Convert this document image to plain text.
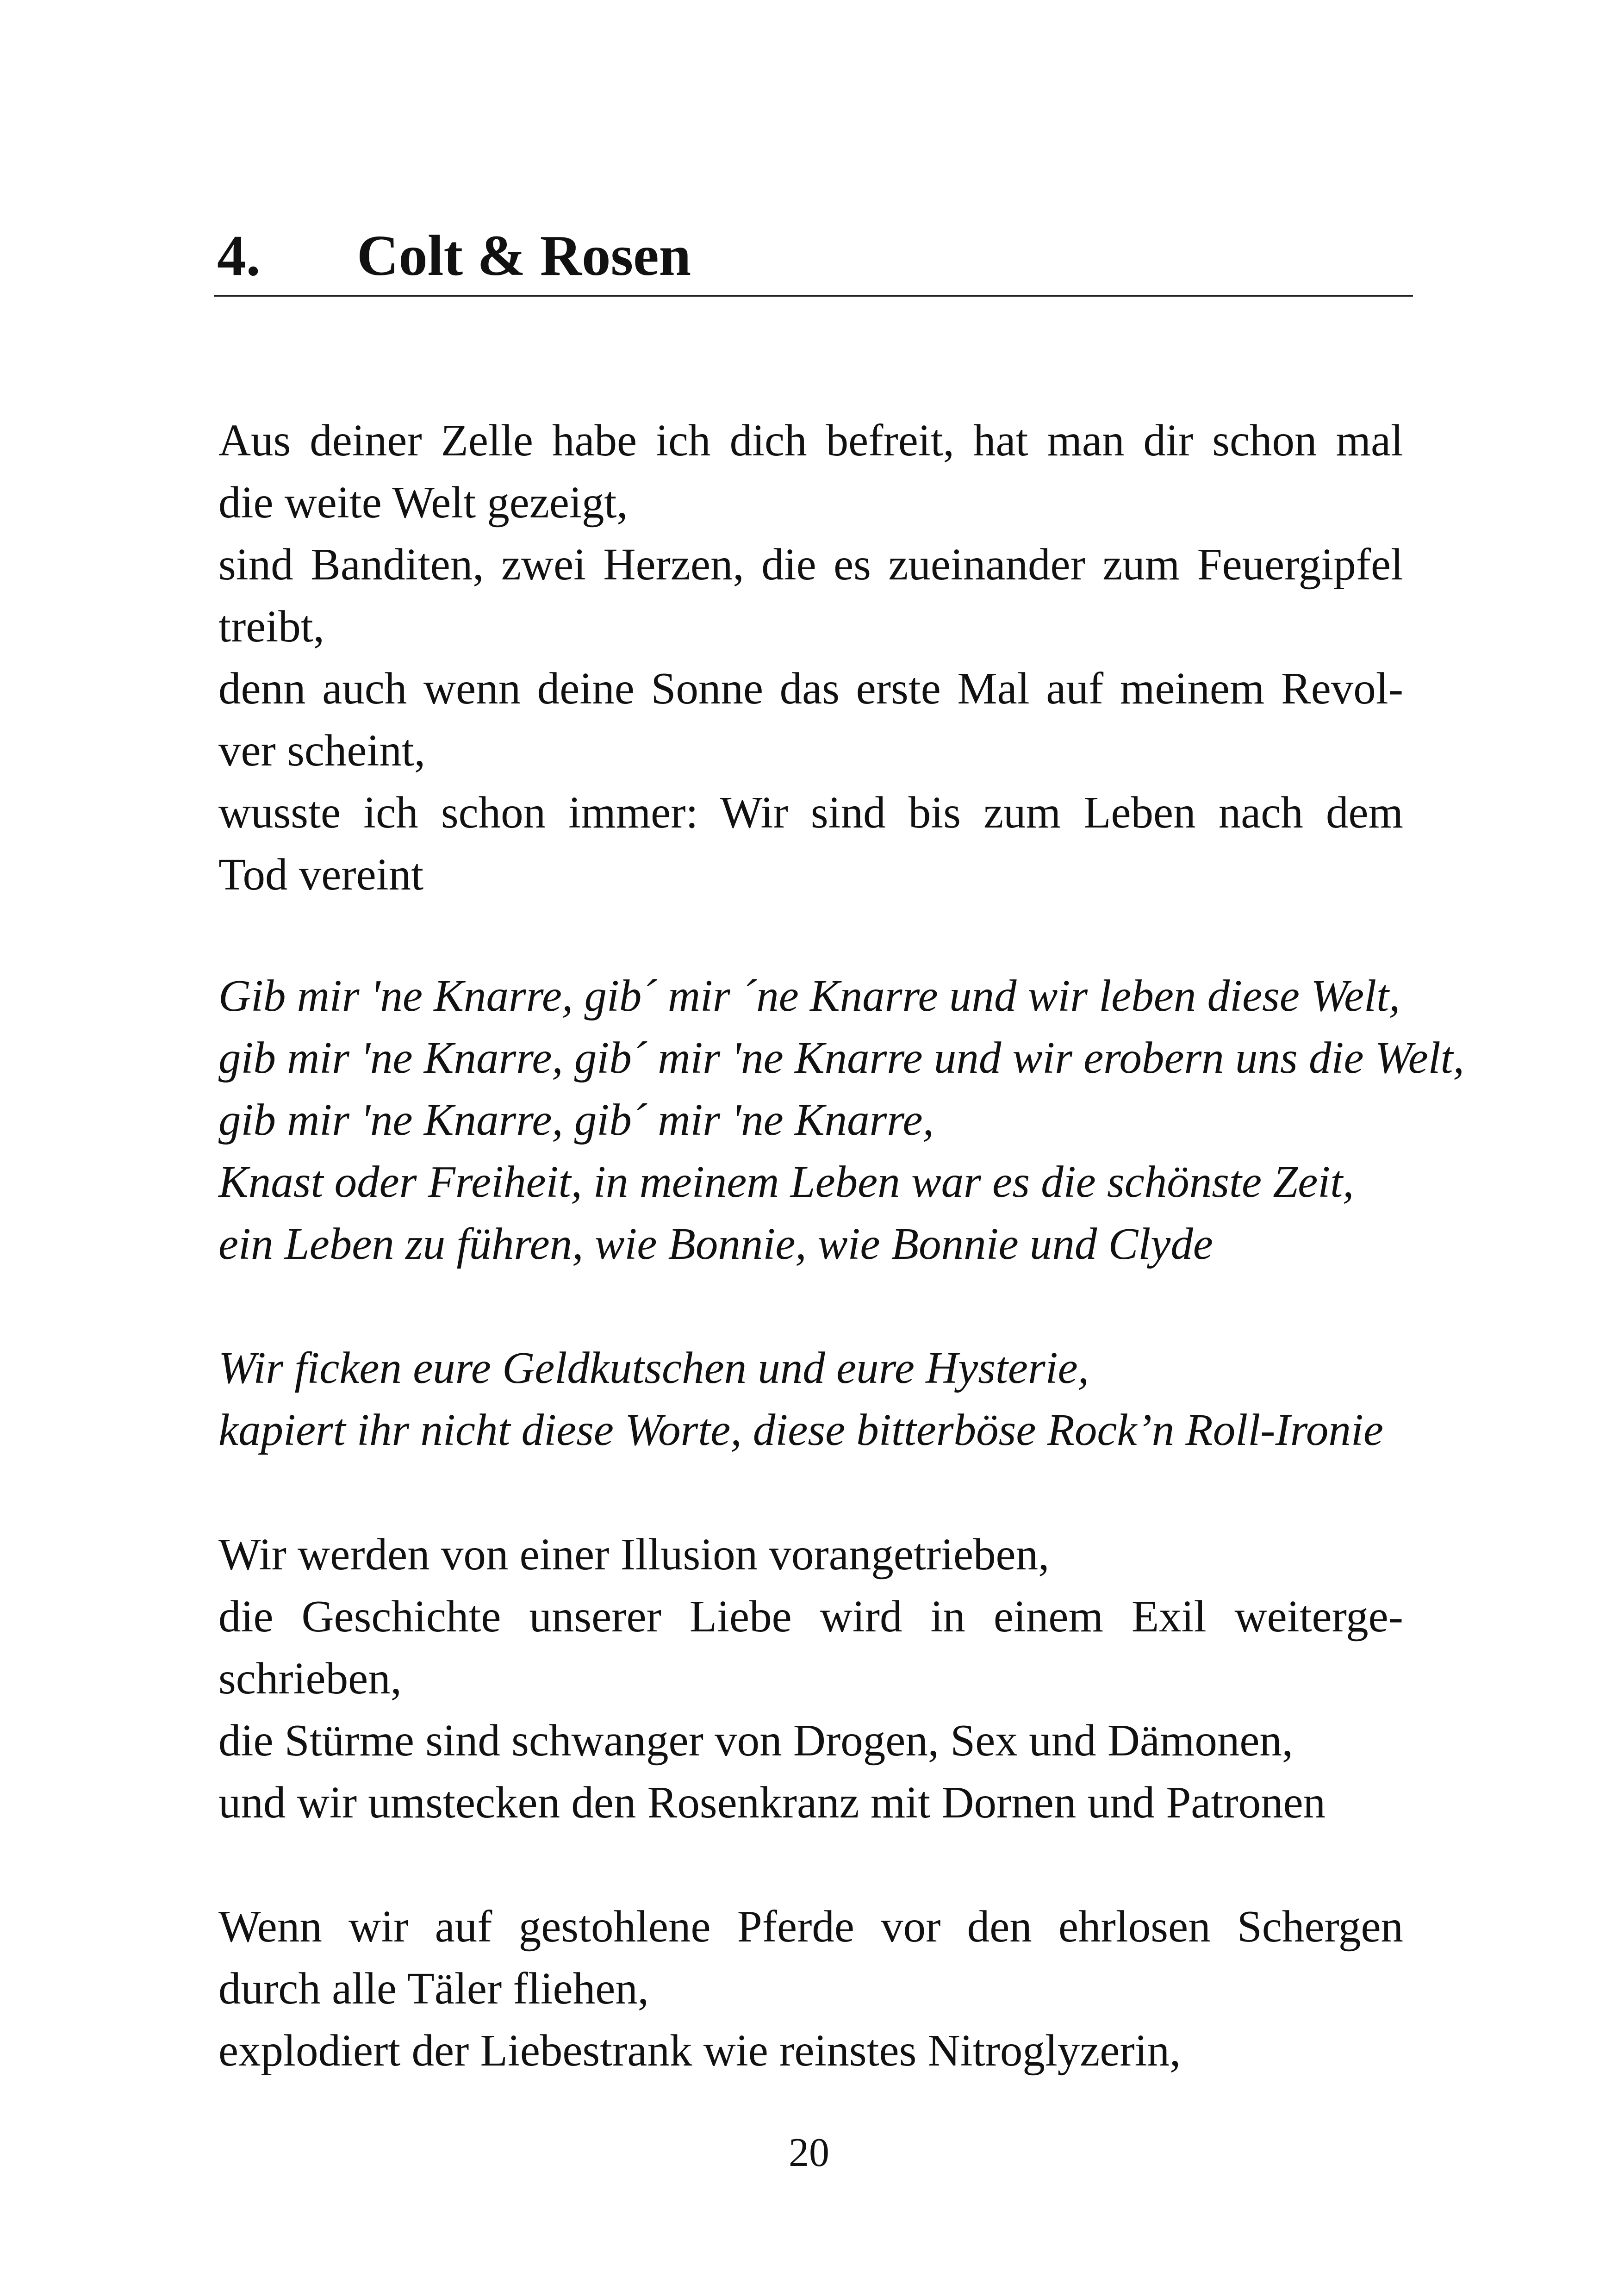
4. Colt & Rosen
Aus deiner Zelle habe ich dich befreit, hat man dir schon mal
die weite Welt gezeigt,
sind Banditen, zwei Herzen, die es zueinander zum Feuergipfel
treibt,
denn auch wenn deine Sonne das erste Mal auf meinem Revol-
ver scheint,
wusste ich schon immer: Wir sind bis zum Leben nach dem
Tod vereint
Gib mir 'ne Knarre, gib´ mir ´ne Knarre und wir leben diese Welt,
gib mir 'ne Knarre, gib´ mir 'ne Knarre und wir erobern uns die Welt,
gib mir 'ne Knarre, gib´ mir 'ne Knarre,
Knast oder Freiheit, in meinem Leben war es die schönste Zeit,
ein Leben zu führen, wie Bonnie, wie Bonnie und Clyde
Wir ficken eure Geldkutschen und eure Hysterie,
kapiert ihr nicht diese Worte, diese bitterböse Rock’n Roll-Ironie
Wir werden von einer Illusion vorangetrieben,
die Geschichte unserer Liebe wird in einem Exil weiterge-
schrieben,
die Stürme sind schwanger von Drogen, Sex und Dämonen,
und wir umstecken den Rosenkranz mit Dornen und Patronen
Wenn wir auf gestohlene Pferde vor den ehrlosen Schergen
durch alle Täler fliehen,
explodiert der Liebestrank wie reinstes Nitroglyzerin,
20
